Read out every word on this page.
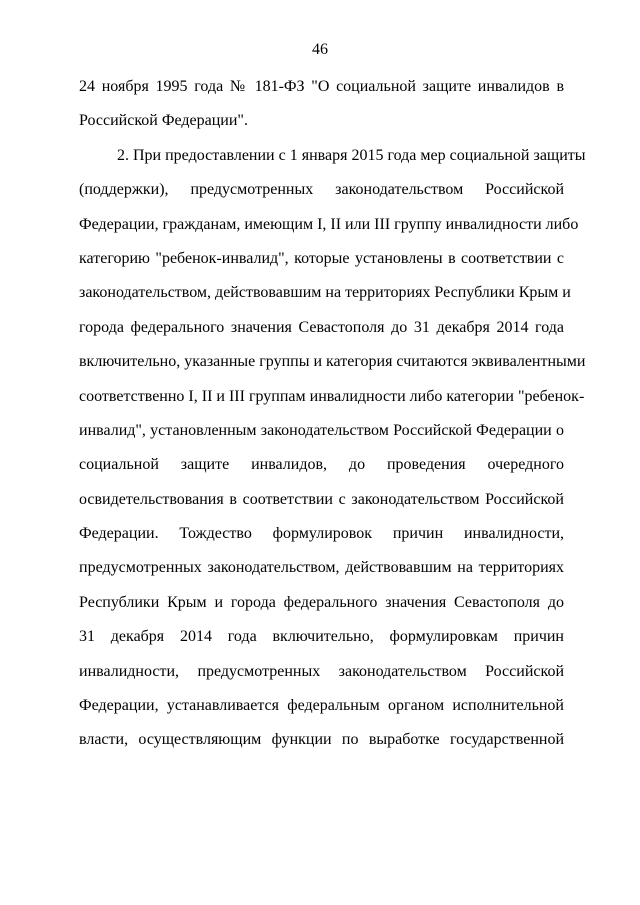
46
24 ноября 1995 года № 181-ФЗ "О социальной защите инвалидов в
Российской Федерации".
2. При предоставлении с 1 января 2015 года мер социальной защиты
(поддержки), предусмотренных законодательством Российской
Федерации, гражданам, имеющим I, II или III группу инвалидности либо
категорию "ребенок-инвалид", которые установлены в соответствии с
законодательством, действовавшим на территориях Республики Крым и
города федерального значения Севастополя до 31 декабря 2014 года
включительно, указанные группы и категория считаются эквивалентными
соответственно I, II и III группам инвалидности либо категории "ребенок-
инвалид", установленным законодательством Российской Федерации о
социальной защите инвалидов, до проведения очередного
освидетельствования в соответствии с законодательством Российской
Федерации. Тождество формулировок причин инвалидности,
предусмотренных законодательством, действовавшим на территориях
Республики Крым и города федерального значения Севастополя до
31 декабря 2014 года включительно, формулировкам причин
инвалидности, предусмотренных законодательством Российской
Федерации, устанавливается федеральным органом исполнительной
власти, осуществляющим функции по выработке государственной
